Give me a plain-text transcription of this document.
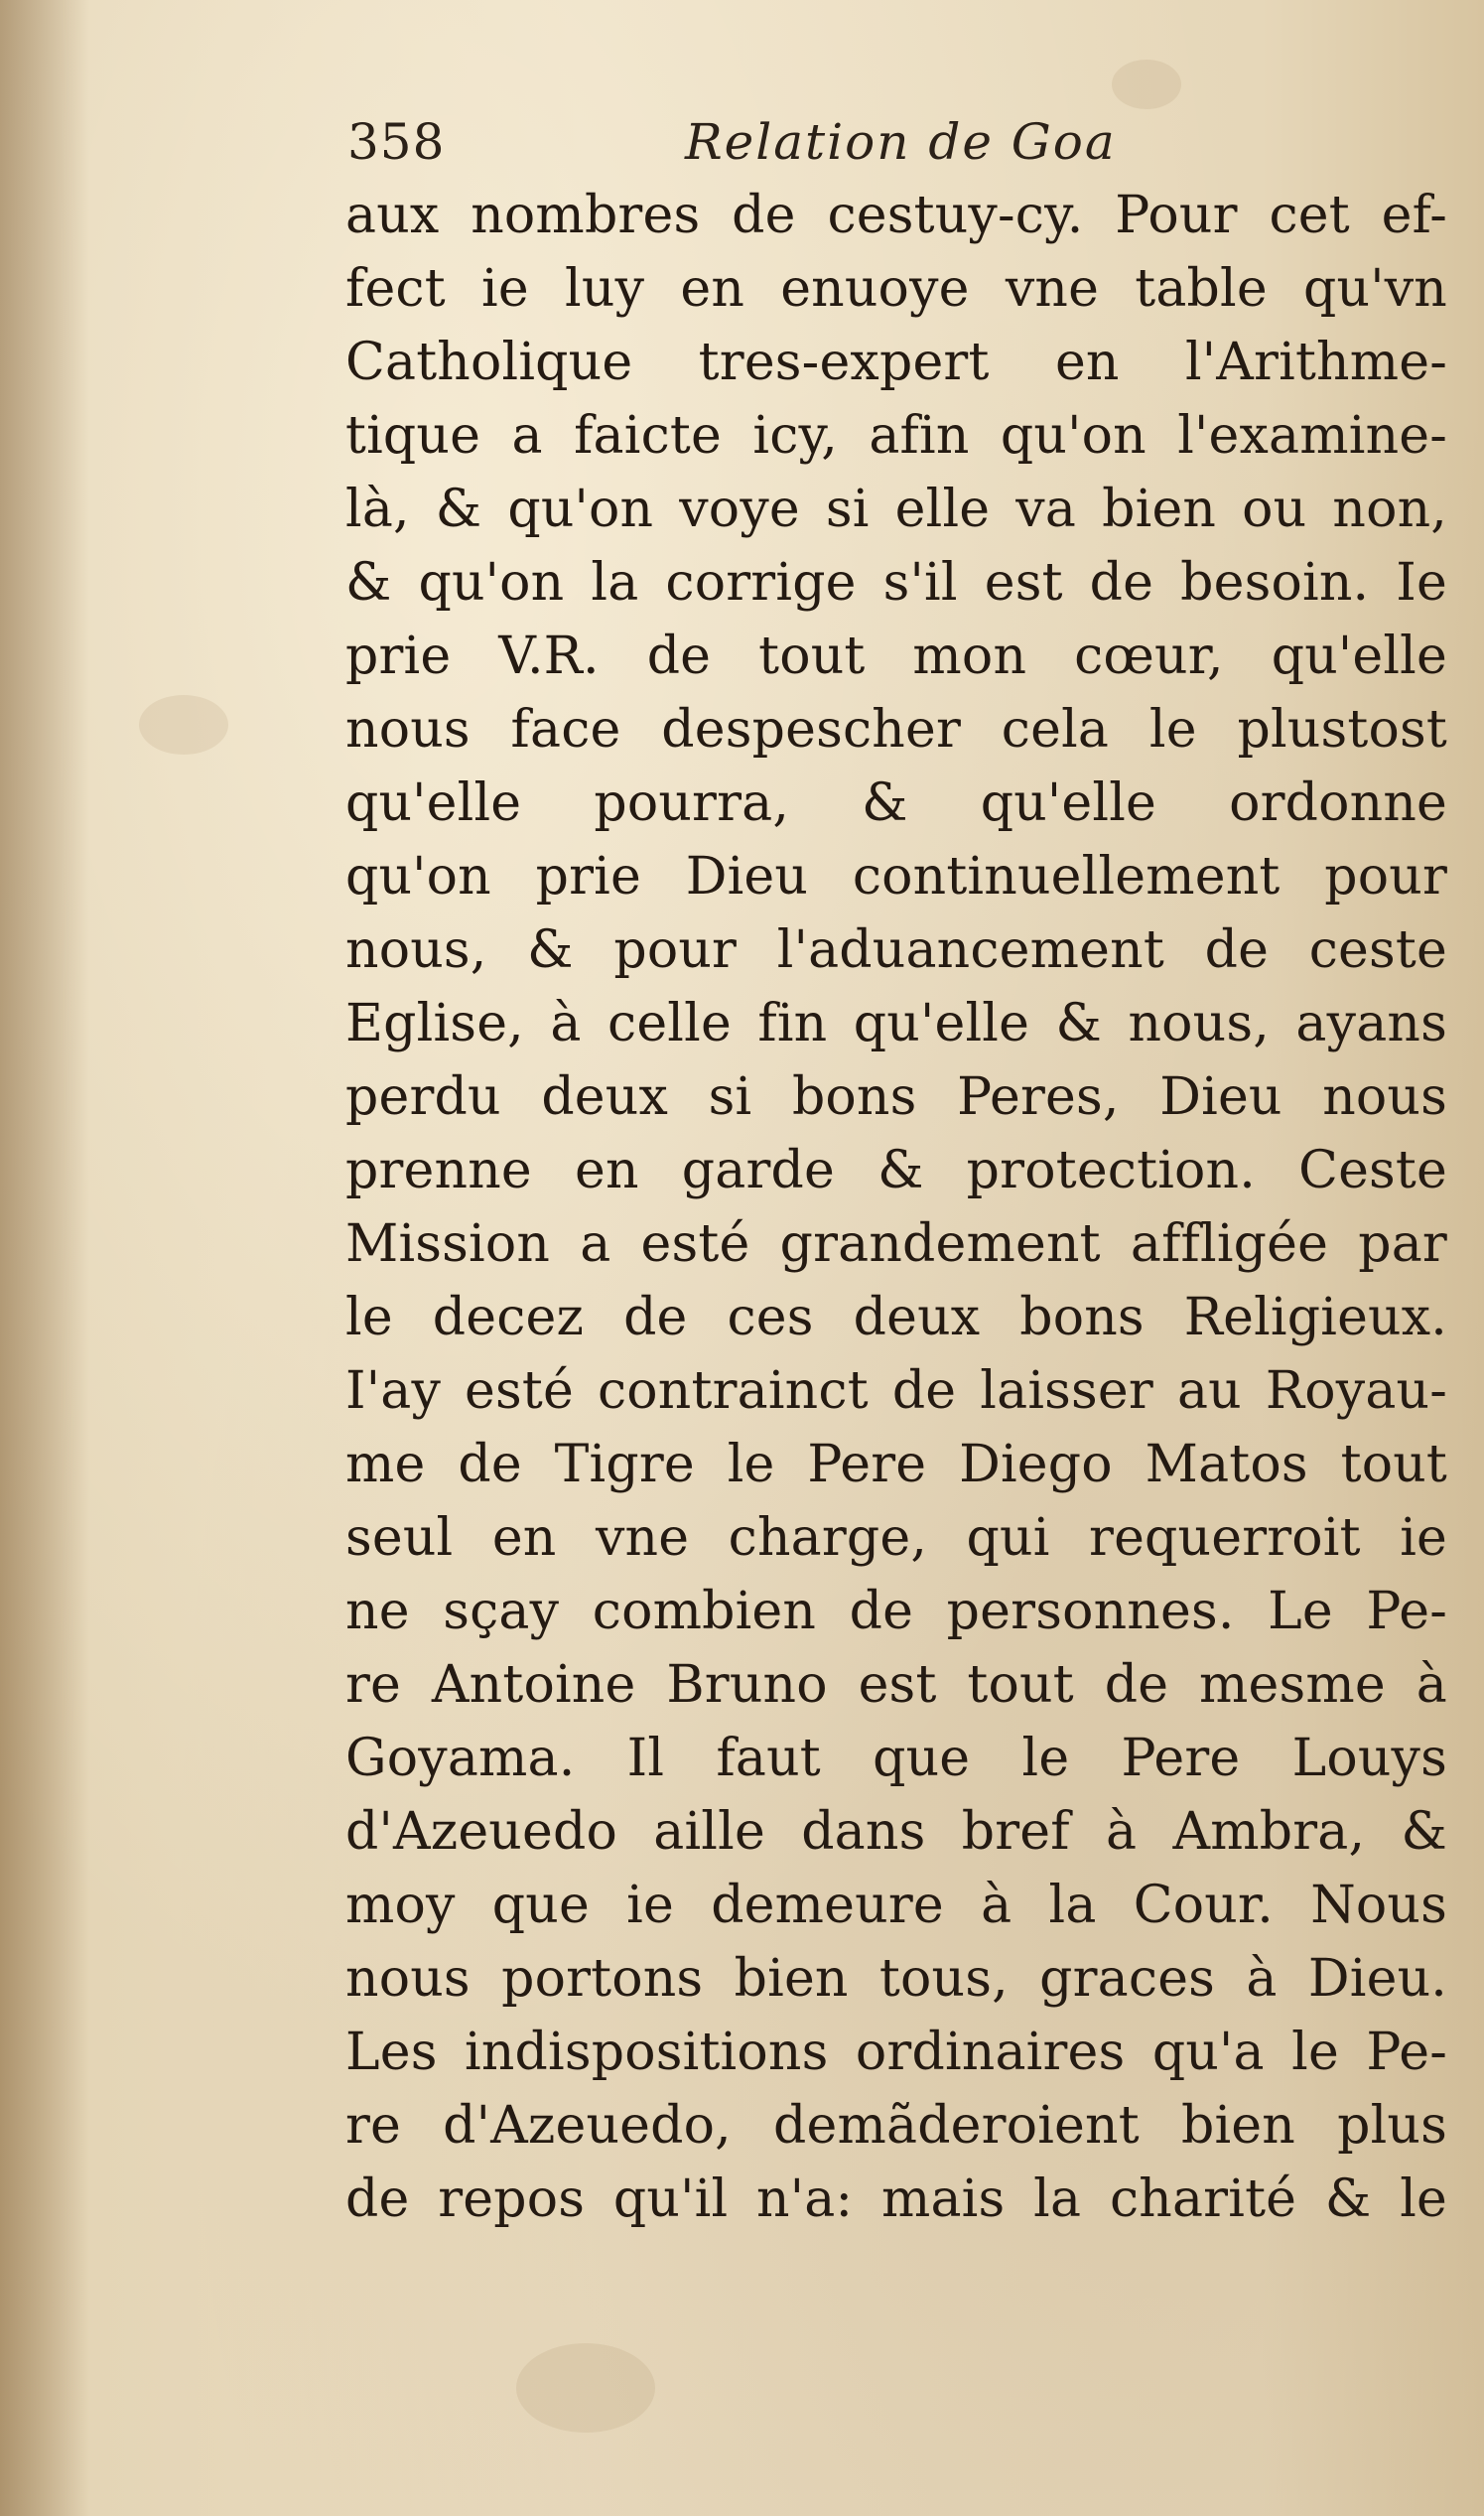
358	Relation de Goa
aux nombres de cestuy-cy. Pour cet ef-
fect ie luy en enuoye vne table qu'vn
Catholique tres-expert en l'Arithme-
tique a faicte icy, afin qu'on l'examine-
là, & qu'on voye si elle va bien ou non,
& qu'on la corrige s'il est de besoin. Ie
prie V.R. de tout mon cœur, qu'elle
nous face despescher cela le plustost
qu'elle pourra, & qu'elle ordonne
qu'on prie Dieu continuellement pour
nous, & pour l'aduancement de ceste
Eglise, à celle fin qu'elle & nous, ayans
perdu deux si bons Peres, Dieu nous
prenne en garde & protection. Ceste
Mission a esté grandement affligée par
le decez de ces deux bons Religieux.
I'ay esté contrainct de laisser au Royau-
me de Tigre le Pere Diego Matos tout
seul en vne charge, qui requerroit ie
ne sçay combien de personnes. Le Pe-
re Antoine Bruno est tout de mesme à
Goyama. Il faut que le Pere Louys
d'Azeuedo aille dans bref à Ambra, &
moy que ie demeure à la Cour. Nous
nous portons bien tous, graces à Dieu.
Les indispositions ordinaires qu'a le Pe-
re d'Azeuedo, demãderoient bien plus
de repos qu'il n'a: mais la charité & le
